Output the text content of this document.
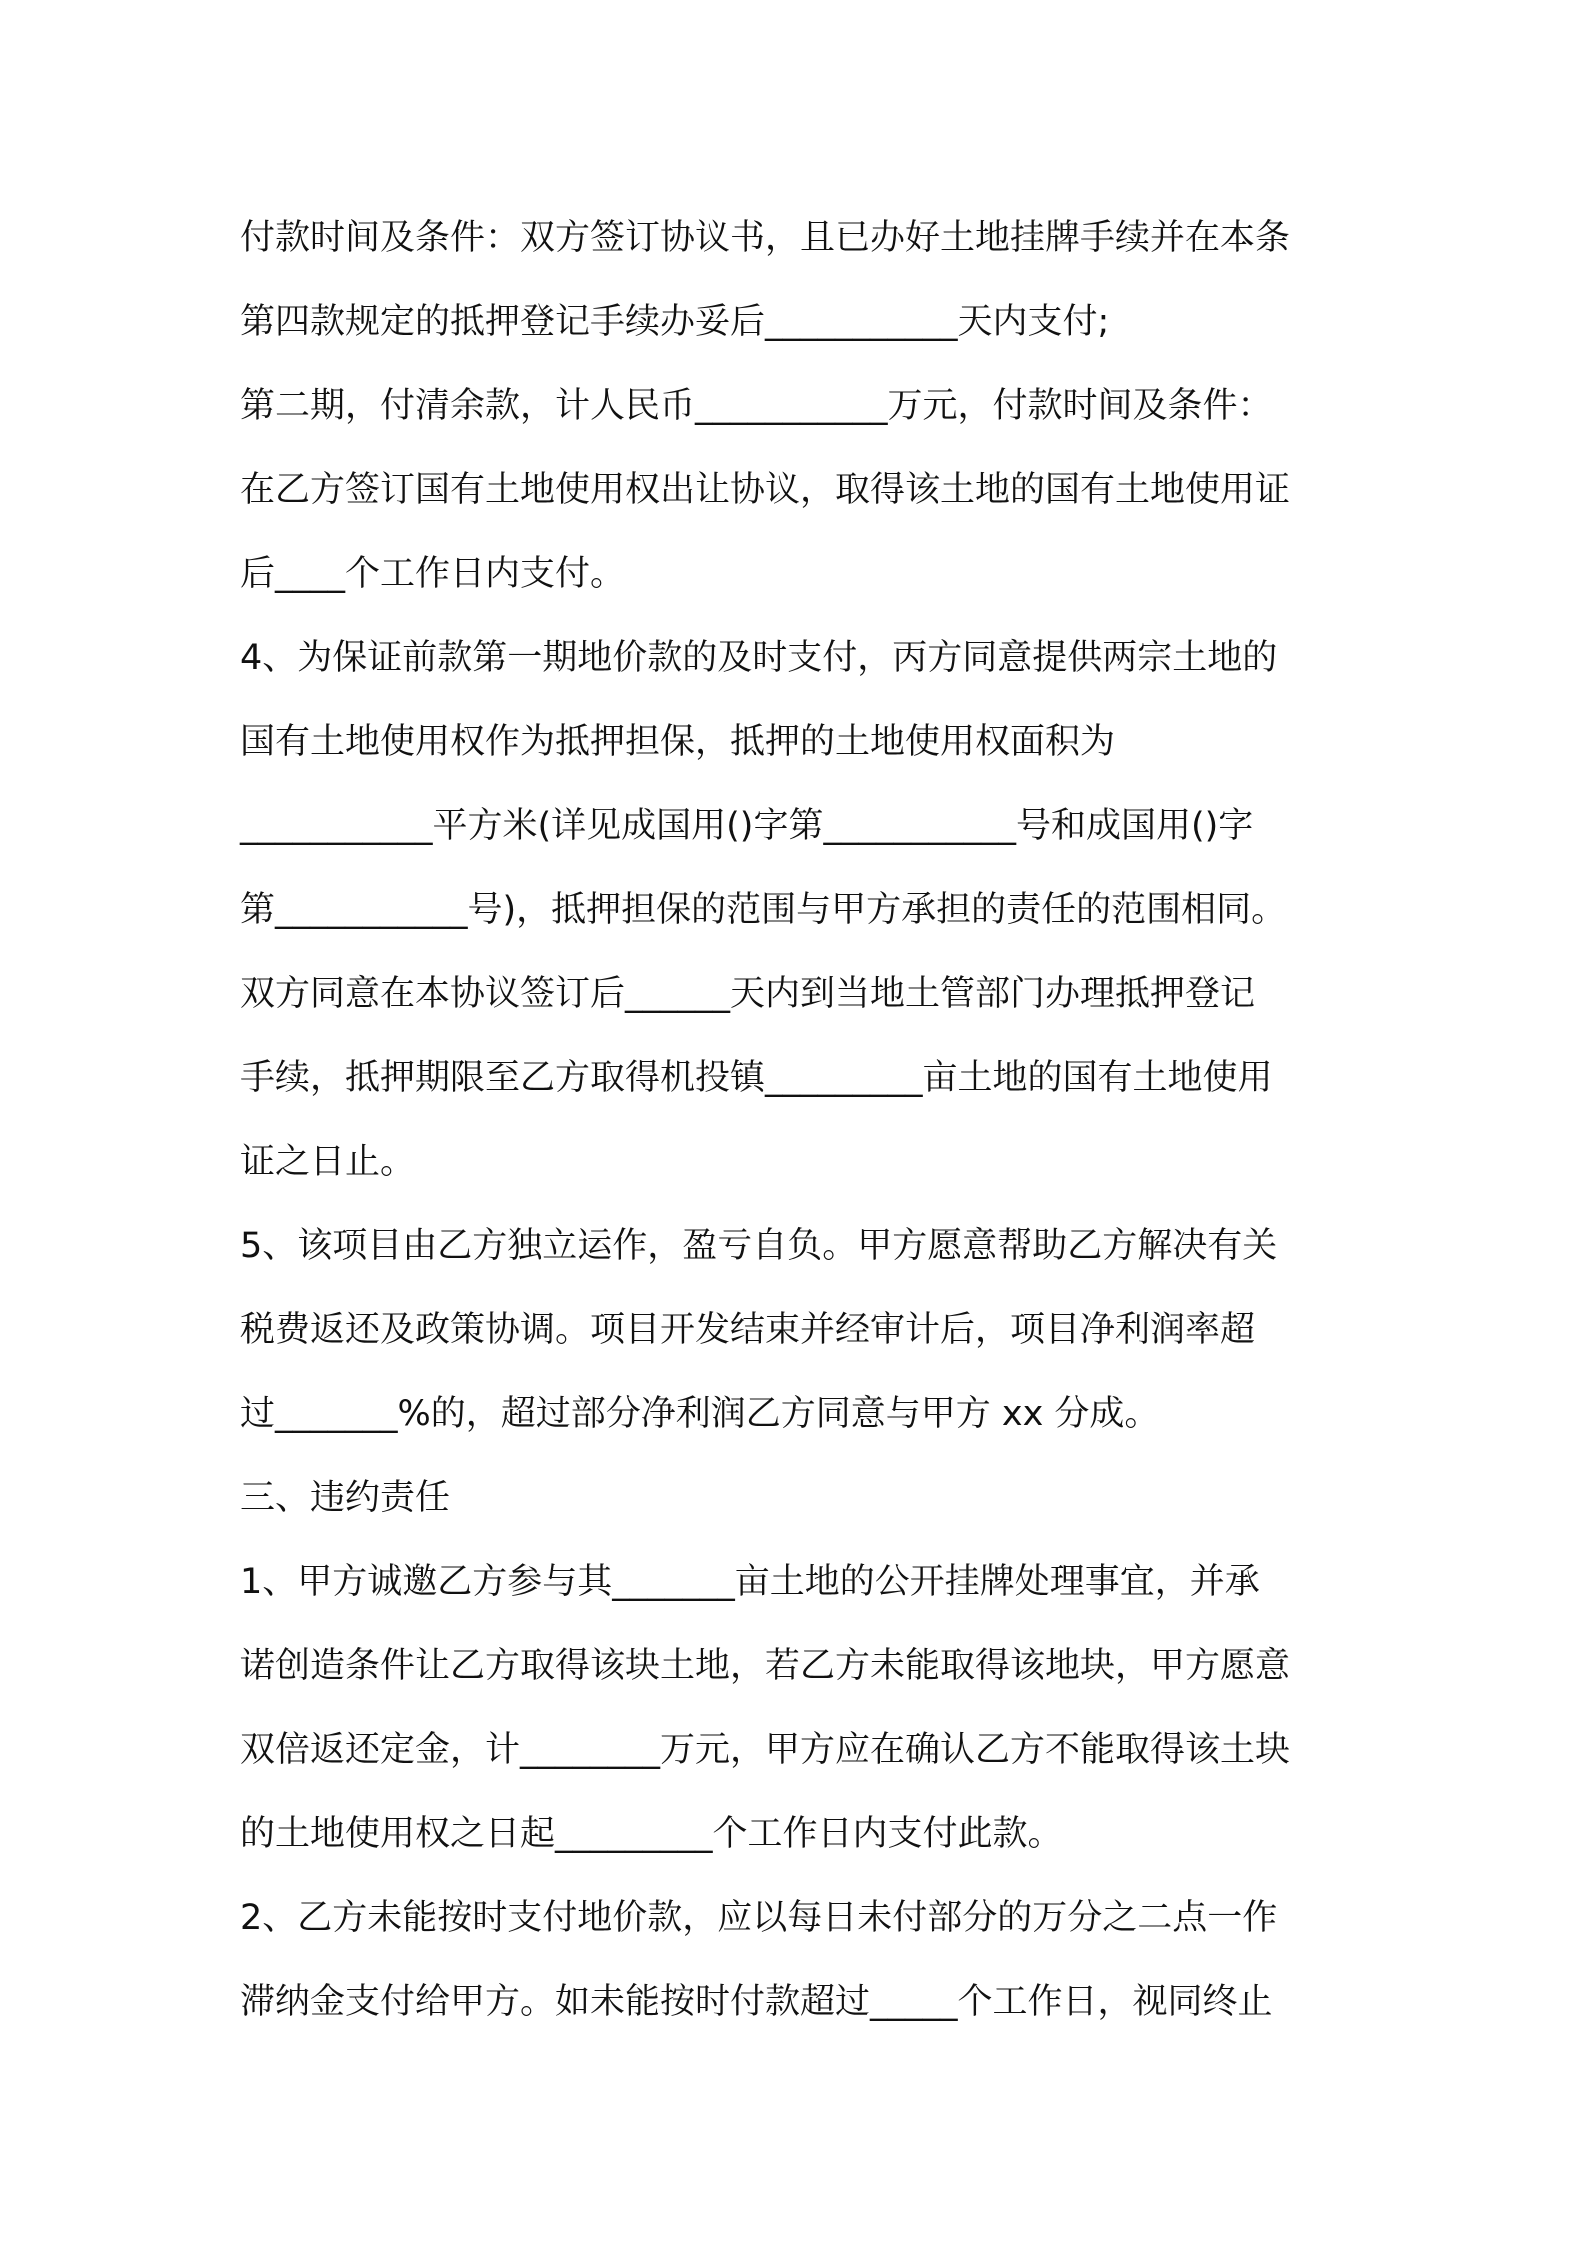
付款时间及条件：双方签订协议书，且已办好土地挂牌手续并在本条
第四款规定的抵押登记手续办妥后___________天内支付;
第二期，付清余款，计人民币___________万元，付款时间及条件：
在乙方签订国有土地使用权出让协议，取得该土地的国有土地使用证
后____个工作日内支付。
4、为保证前款第一期地价款的及时支付，丙方同意提供两宗土地的
国有土地使用权作为抵押担保，抵押的土地使用权面积为
___________平方米(详见成国用()字第___________号和成国用()字
第___________号)，抵押担保的范围与甲方承担的责任的范围相同。
双方同意在本协议签订后______天内到当地土管部门办理抵押登记
手续，抵押期限至乙方取得机投镇_________亩土地的国有土地使用
证之日止。
5、该项目由乙方独立运作，盈亏自负。甲方愿意帮助乙方解决有关
税费返还及政策协调。项目开发结束并经审计后，项目净利润率超
过_______%的，超过部分净利润乙方同意与甲方 xx 分成。
三、违约责任
1、甲方诚邀乙方参与其_______亩土地的公开挂牌处理事宜，并承
诺创造条件让乙方取得该块土地，若乙方未能取得该地块，甲方愿意
双倍返还定金，计________万元，甲方应在确认乙方不能取得该土块
的土地使用权之日起_________个工作日内支付此款。
2、乙方未能按时支付地价款，应以每日未付部分的万分之二点一作
滞纳金支付给甲方。如未能按时付款超过_____个工作日，视同终止
